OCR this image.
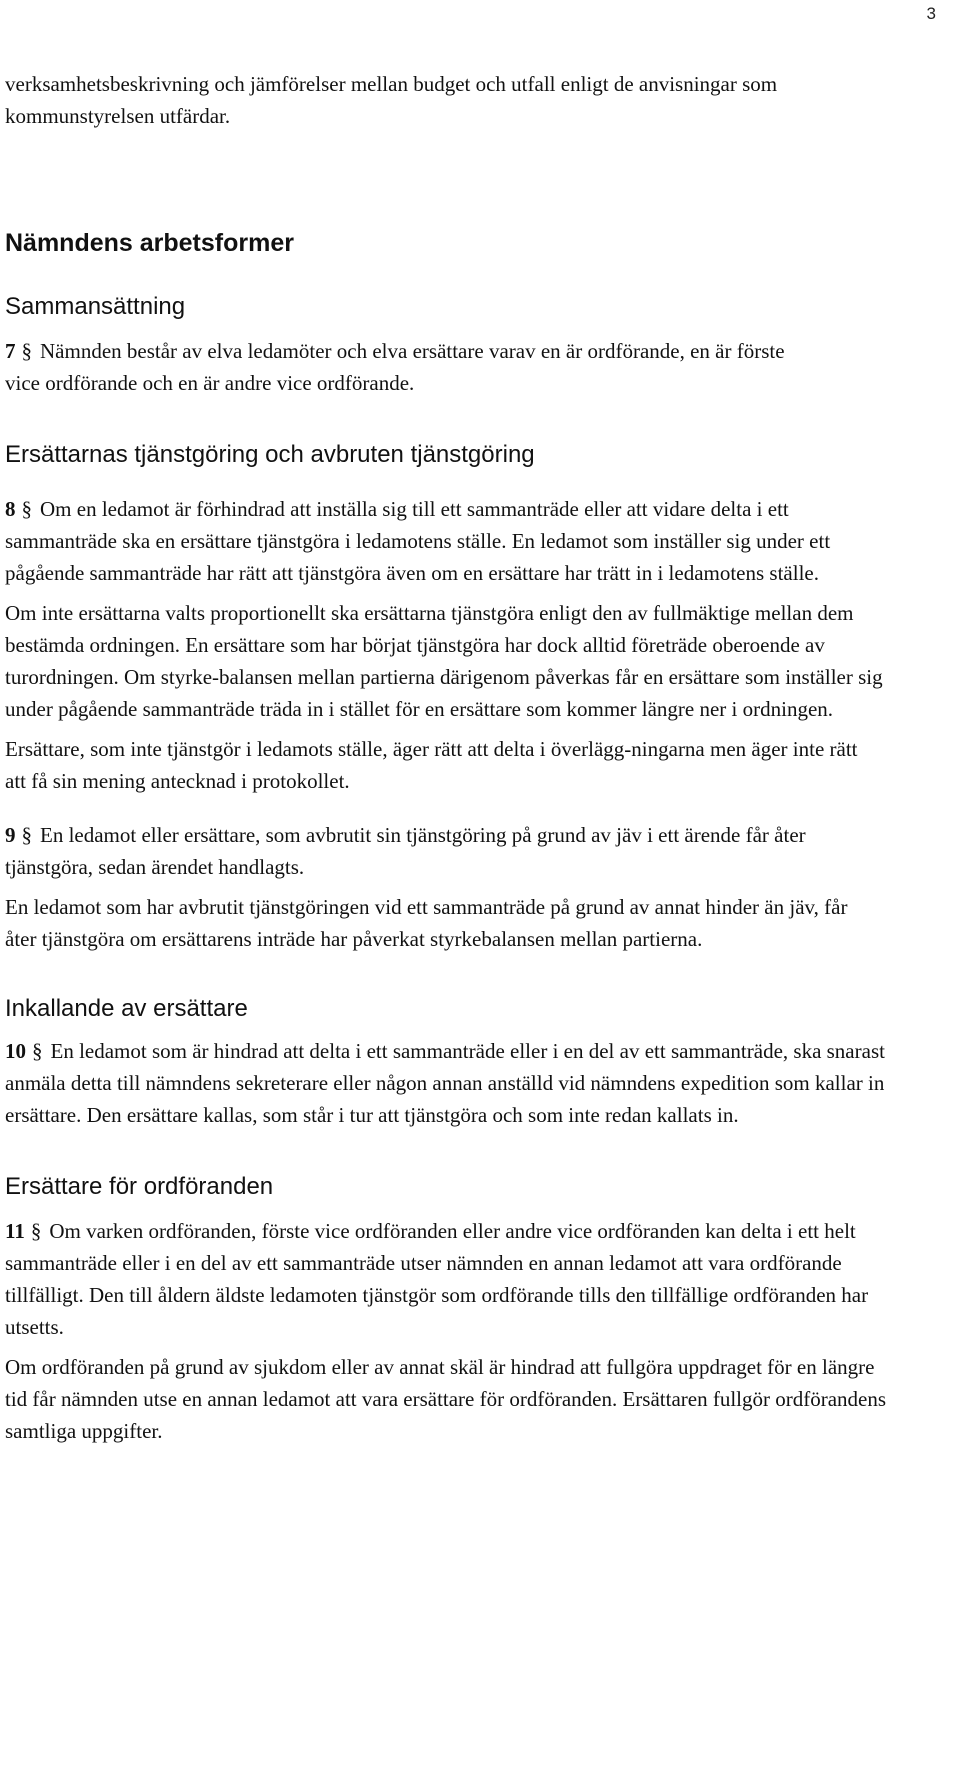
3

verksamhetsbeskrivning och jämförelser mellan budget och utfall enligt de anvisningar som kommunstyrelsen utfärdar.

Nämndens arbetsformer
Sammansättning

7 § Nämnden består av elva ledamöter och elva ersättare varav en är ordförande, en är förste vice ordförande och en är andre vice ordförande.

Ersättarnas tjänstgöring och avbruten tjänstgöring

8 § Om en ledamot är förhindrad att inställa sig till ett sammanträde eller att vidare delta i ett sammanträde ska en ersättare tjänstgöra i ledamotens ställe. En ledamot som inställer sig under ett pågående sammanträde har rätt att tjänstgöra även om en ersättare har trätt in i ledamotens ställe.

Om inte ersättarna valts proportionellt ska ersättarna tjänstgöra enligt den av fullmäktige mellan dem bestämda ordningen. En ersättare som har börjat tjänstgöra har dock alltid företräde oberoende av turordningen. Om styrke-balansen mellan partierna därigenom påverkas får en ersättare som inställer sig under pågående sammanträde träda in i stället för en ersättare som kommer längre ner i ordningen.

Ersättare, som inte tjänstgör i ledamots ställe, äger rätt att delta i överlägg-ningarna men äger inte rätt att få sin mening antecknad i protokollet.

9 § En ledamot eller ersättare, som avbrutit sin tjänstgöring på grund av jäv i ett ärende får åter tjänstgöra, sedan ärendet handlagts.

En ledamot som har avbrutit tjänstgöringen vid ett sammanträde på grund av annat hinder än jäv, får åter tjänstgöra om ersättarens inträde har påverkat styrkebalansen mellan partierna.

Inkallande av ersättare

10 § En ledamot som är hindrad att delta i ett sammanträde eller i en del av ett sammanträde, ska snarast anmäla detta till nämndens sekreterare eller någon annan anställd vid nämndens expedition som kallar in ersättare. Den ersättare kallas, som står i tur att tjänstgöra och som inte redan kallats in.

Ersättare för ordföranden

11 § Om varken ordföranden, förste vice ordföranden eller andre vice ordföranden kan delta i ett helt sammanträde eller i en del av ett sammanträde utser nämnden en annan ledamot att vara ordförande tillfälligt. Den till åldern äldste ledamoten tjänstgör som ordförande tills den tillfällige ordföranden har utsetts.

Om ordföranden på grund av sjukdom eller av annat skäl är hindrad att fullgöra uppdraget för en längre tid får nämnden utse en annan ledamot att vara ersättare för ordföranden. Ersättaren fullgör ordförandens samtliga uppgifter.
